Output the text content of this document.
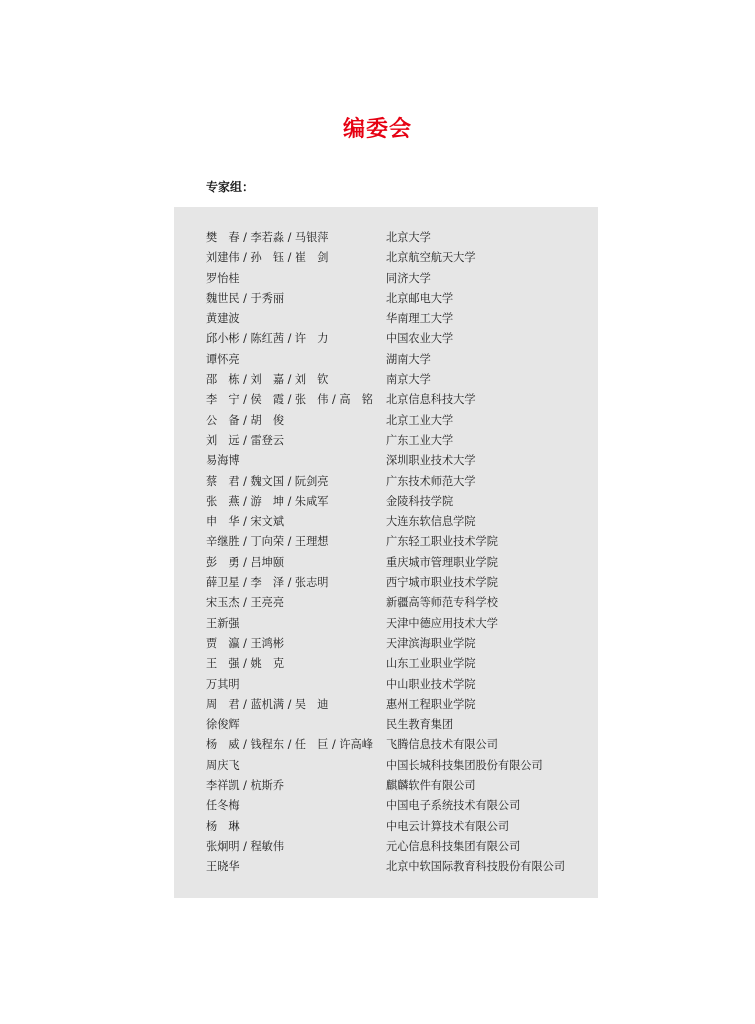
编委会
专家组：
樊　春 / 李若淼 / 马银萍	北京大学
刘建伟 / 孙　钰 / 崔　剑	北京航空航天大学
罗怡桂	同济大学
魏世民 / 于秀丽	北京邮电大学
黄建波	华南理工大学
邱小彬 / 陈红茜 / 许　力	中国农业大学
谭怀亮	湖南大学
邵　栋 / 刘　嘉 / 刘　钦	南京大学
李　宁 / 侯　霞 / 张　伟 / 高　铭	北京信息科技大学
公　备 / 胡　俊	北京工业大学
刘　远 / 雷登云	广东工业大学
易海博	深圳职业技术大学
蔡　君 / 魏文国 / 阮剑亮	广东技术师范大学
张　燕 / 游　坤 / 朱咸军	金陵科技学院
申　华 / 宋文斌	大连东软信息学院
辛继胜 / 丁向荣 / 王理想	广东轻工职业技术学院
彭　勇 / 吕坤颐	重庆城市管理职业学院
薛卫星 / 李　泽 / 张志明	西宁城市职业技术学院
宋玉杰 / 王亮亮	新疆高等师范专科学校
王新强	天津中德应用技术大学
贾　瀛 / 王鸿彬	天津滨海职业学院
王　强 / 姚　克	山东工业职业学院
万其明	中山职业技术学院
周　君 / 蓝机满 / 吴　迪	惠州工程职业学院
徐俊辉	民生教育集团
杨　威 / 钱程东 / 任　巨 / 许高峰	飞腾信息技术有限公司
周庆飞	中国长城科技集团股份有限公司
李祥凯 / 杭斯乔	麒麟软件有限公司
任冬梅	中国电子系统技术有限公司
杨　琳	中电云计算技术有限公司
张炯明 / 程敏伟	元心信息科技集团有限公司
王晓华	北京中软国际教育科技股份有限公司
